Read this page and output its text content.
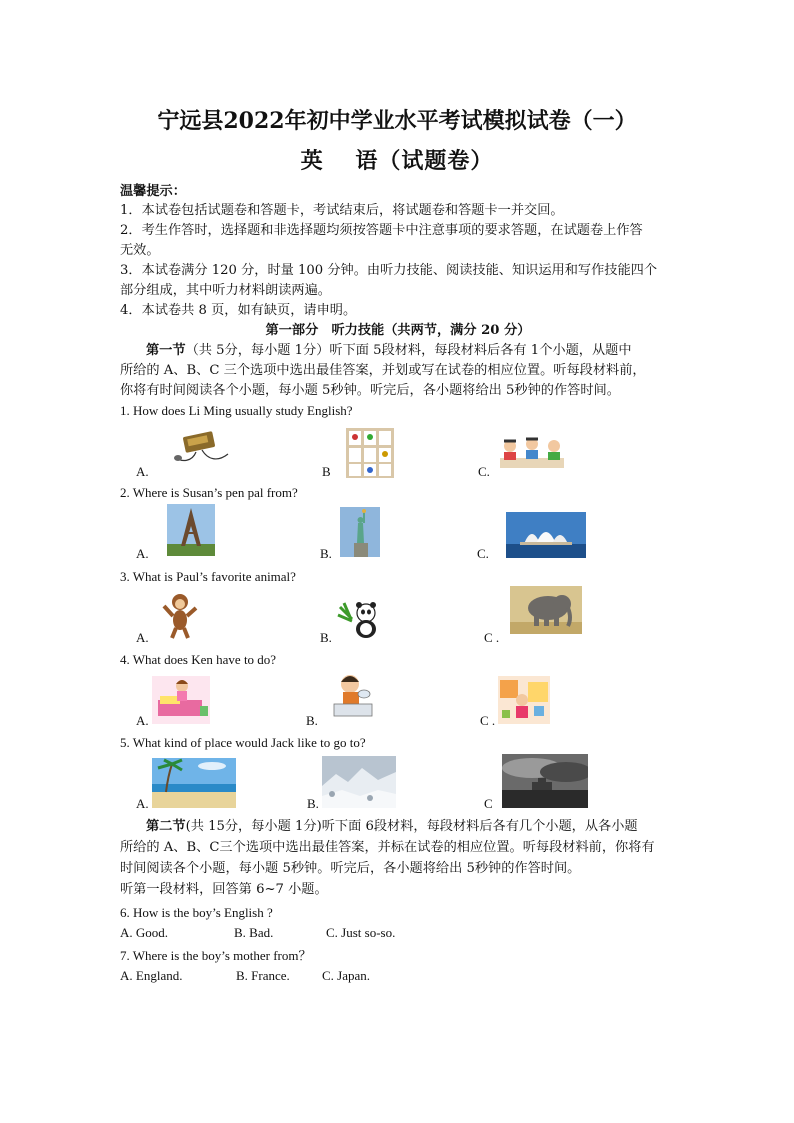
宁远县2022年初中学业水平考试模拟试卷（一）
英　 语（试题卷）
温馨提示：
1．本试卷包括试题卷和答题卡，考试结束后，将试题卷和答题卡一并交回。
2．考生作答时，选择题和非选择题均须按答题卡中注意事项的要求答题，在试题卷上作答
无效。
3．本试卷满分 120 分，时量 100 分钟。由听力技能、阅读技能、知识运用和写作技能四个
部分组成，其中听力材料朗读两遍。
4．本试卷共 8 页，如有缺页，请申明。
第一部分　听力技能（共两节，满分 20 分）
第一节（共 5分，每小题 1分）听下面 5段材料，每段材料后各有 1个小题，从题中
所给的 A、B、C 三个选项中选出最佳答案，并划或写在试卷的相应位置。听每段材料前，
你将有时间阅读各个小题，每小题 5秒钟。听完后，各小题将给出 5秒钟的作答时间。
1. How does Li Ming usually study English?
A.	B	C.
2. Where is Susan’s pen pal from?
A.	B.	C.
3. What is Paul’s favorite animal?
A.	B.	C .
4. What does Ken have to do?
A.	B.	C .
5. What kind of place would Jack like to go to?
A.	B.	C
第二节(共 15分，每小题 1分)听下面 6段材料，每段材料后各有几个小题，从各小题
所给的 A、B、C三个选项中选出最佳答案，并标在试卷的相应位置。听每段材料前，你将有
时间阅读各个小题，每小题 5秒钟。听完后，各小题将给出 5秒钟的作答时间。
听第一段材料，回答第 6~7 小题。
6. How is the boy’s English ?
A. Good.	B. Bad.	C. Just so-so.
7. Where is the boy’s mother from？
A. England.	B. France. C. Japan.
